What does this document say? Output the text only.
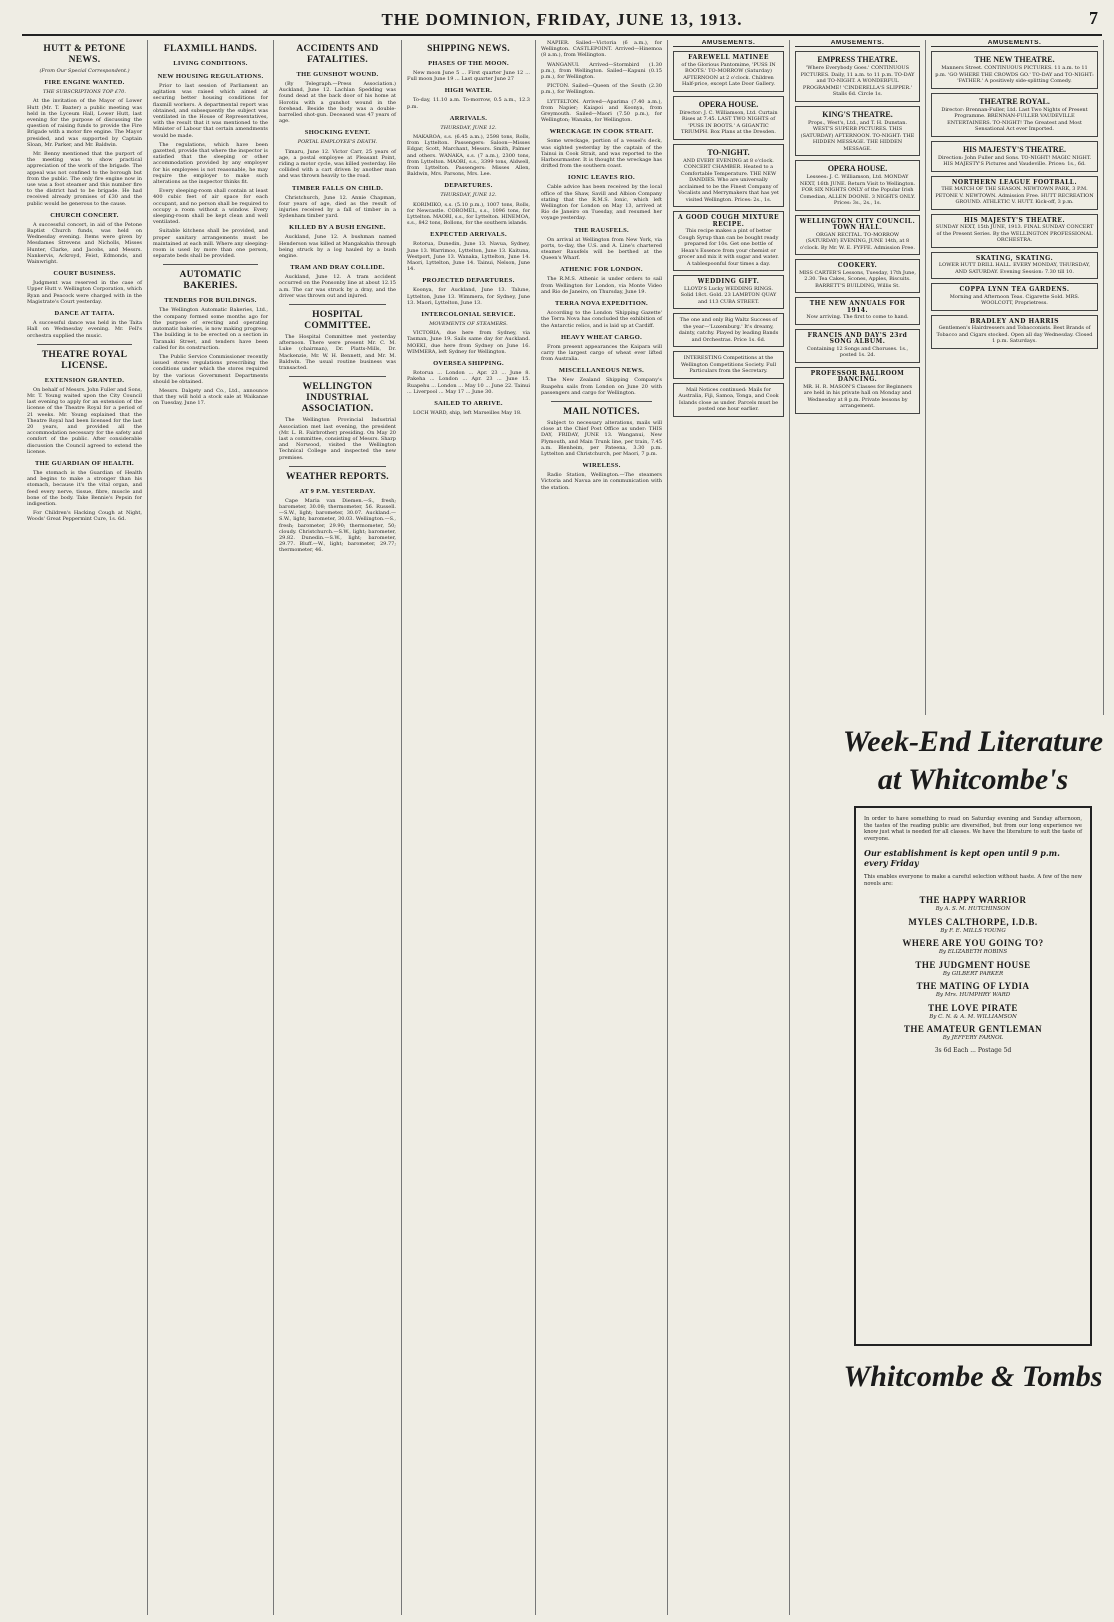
THE DOMINION, FRIDAY, JUNE 13, 1913.	7
HUTT & PETONE NEWS.
(From Our Special Correspondent.)
FIRE ENGINE WANTED.
THE SUBSCRIPTIONS TOP £70.

At the invitation of the Mayor of Lower Hutt (Mr. T. Baxter) a public meeting was held in the Lyceum Hall, Lower Hutt, last evening for the purpose of discussing the question of raising funds to provide the Fire Brigade with a motor fire engine. The Mayor presided, and was supported by Captain Sloan, Mr. Parker, and Mr. Baldwin.

Mr. Benny mentioned that the purport of the meeting was to show practical appreciation of the work of the brigade. The appeal was not confined to the borough but from the public. The only fire engine now in use was a foot steamer and this number fire to the district had to be brigade. He had received already promises of £30 and the public would be generous to the cause.

CHURCH CONCERT.

A successful concert, in aid of the Petone Baptist Church funds, was held on Wednesday evening. Items were given by Mesdames Strevens and Nicholls, Misses Hunter, Clarke, and Jacobs, and Messrs. Nankervis, Ackroyd, Feist, Edmonds, and Wainwright.

COURT BUSINESS.

Judgment was reserved in the case of Upper Hutt v. Wellington Corporation, which Ryan and Peacock were charged with in the Magistrate's Court yesterday.

DANCE AT TAITA.

A successful dance was held in the Taita Hall on Wednesday evening. Mr. Fell's orchestra supplied the music.

THEATRE ROYAL LICENSE.
EXTENSION GRANTED.

On behalf of Messrs. John Fuller and Sons, Mr. T. Young waited upon the City Council last evening to apply for an extension of the license of the Theatre Royal for a period of 21 weeks. Mr. Young explained that the Theatre Royal had been licensed for the last 20 years, and provided all the accommodation necessary for the safety and comfort of the public. After considerable discussion the Council agreed to extend the license.

THE GUARDIAN OF HEALTH.

The stomach is the Guardian of Health and begins to make a stronger than his stomach, because it's the vital organ, and feed every nerve, tissue, fibre, muscle and bone of the body. Take Bennie's Pepsin for indigestion.

For Children's Hacking Cough at Night, Woods' Great Peppermint Cure, 1s. 6d.

FLAXMILL HANDS.
LIVING CONDITIONS.
NEW HOUSING REGULATIONS.

Prior to last session of Parliament an agitation was raised which aimed at securing better housing conditions for flaxmill workers. A departmental report was obtained, and subsequently the subject was ventilated in the House of Representatives, with the result that it was mentioned to the Minister of Labour that certain amendments would be made.

The regulations, which have been gazetted, provide that where the inspector is satisfied that the sleeping or other accommodation provided by any employer for his employees is not reasonable, he may require the employer to make such alterations as the inspector thinks fit.

Every sleeping-room shall contain at least 400 cubic feet of air space for each occupant, and no person shall be required to occupy a room without a window. Every sleeping-room shall be kept clean and well ventilated.

Suitable kitchens shall be provided, and proper sanitary arrangements must be maintained at each mill. Where any sleeping-room is used by more than one person, separate beds shall be provided.

AUTOMATIC BAKERIES.
TENDERS FOR BUILDINGS.

The Wellington Automatic Bakeries, Ltd., the company formed some months ago for the purpose of erecting and operating automatic bakeries, is now making progress. The building is to be erected on a section in Taranaki Street, and tenders have been called for its construction.

The Public Service Commissioner recently issued stores regulations prescribing the conditions under which the stores required by the various Government Departments should be obtained.

Messrs. Dalgety and Co., Ltd., announce that they will hold a stock sale at Waikanae on Tuesday, June 17.

ACCIDENTS AND FATALITIES.
THE GUNSHOT WOUND.

(By Telegraph.—Press Association.) Auckland, June 12. Lachlan Spedding was found dead at the back door of his home at Horotiu with a gunshot wound in the forehead. Beside the body was a double-barrelled shot-gun. Deceased was 47 years of age.

SHOCKING EVENT.
PORTAL EMPLOYEE'S DEATH.

Timaru, June 12. Victor Carr, 25 years of age, a postal employee at Pleasant Point, riding a motor cycle, was killed yesterday. He collided with a cart driven by another man and was thrown heavily to the road.

TIMBER FALLS ON CHILD.

Christchurch, June 12. Annie Chapman, four years of age, died as the result of injuries received by a fall of timber in a Sydenham timber yard.

KILLED BY A BUSH ENGINE.

Auckland, June 12. A bushman named Henderson was killed at Mangakahia through being struck by a log hauled by a bush engine.

TRAM AND DRAY COLLIDE.

Auckland, June 12. A tram accident occurred on the Ponsonby line at about 12.15 a.m. The car was struck by a dray, and the driver was thrown out and injured.

HOSPITAL COMMITTEE.

The Hospital Committee met yesterday afternoon. There were present Mr. C. M. Luke (chairman), Dr. Platts-Mills, Dr. Mackenzie, Mr. W. H. Bennett, and Mr. M. Baldwin. The usual routine business was transacted.

WELLINGTON INDUSTRIAL ASSOCIATION.

The Wellington Provincial Industrial Association met last evening, the president (Mr. L. R. Fairbrother) presiding. On May 20 last a committee, consisting of Messrs. Sharp and Norwood, visited the Wellington Technical College and inspected the new premises.

WEATHER REPORTS.
AT 9 P.M. YESTERDAY.

Cape Maria van Diemen.—S., fresh; barometer, 30.08; thermometer, 56. Russell.—S.W., light; barometer, 30.07. Auckland.—S.W., light; barometer, 30.03. Wellington.—S., fresh; barometer, 29.90; thermometer, 50; cloudy. Christchurch.—S.W., light; barometer, 29.82. Dunedin.—S.W., light; barometer, 29.77. Bluff.—W., light; barometer, 29.77; thermometer, 46.

SHIPPING NEWS.
PHASES OF THE MOON.

New moon June 5 ... First quarter June 12 ... Full moon June 19 ... Last quarter June 27

HIGH WATER.

To-day, 11.10 a.m. To-morrow, 0.5 a.m., 12.3 p.m.

ARRIVALS.
THURSDAY, JUNE 12.

MAKAROA, s.s. (6.45 a.m.), 2598 tons, Rolls, from Lyttelton. Passengers: Saloon—Misses Edgar, Scott, Marchant, Messrs. Smith, Palmer and others. WANAKA, s.s. (7 a.m.), 2300 tons, from Lyttelton. MAORI, s.s., 3399 tons, Aldwell, from Lyttelton. Passengers: Misses Allen, Baldwin, Mrs. Parsons, Mrs. Lee.

DEPARTURES.
THURSDAY, JUNE 12.

KORIMIKO, s.s. (5.10 p.m.), 1007 tons, Rolls, for Newcastle. COROMEL, s.s., 1096 tons, for Lyttelton. MAORI, s.s., for Lyttelton. HINEMOA, s.s., 842 tons, Bollons, for the southern islands.

EXPECTED ARRIVALS.

Rotorua, Dunedin, June 13. Navua, Sydney, June 13. Warrimoo, Lyttelton, June 13. Kaituna, Westport, June 13. Wanaka, Lyttelton, June 14. Maori, Lyttelton, June 14. Tainui, Nelson, June 14.

PROJECTED DEPARTURES.

Koonya, for Auckland, June 13. Talune, Lyttelton, June 13. Wimmera, for Sydney, June 13. Maori, Lyttelton, June 13.

INTERCOLONIAL SERVICE.
MOVEMENTS OF STEAMERS.

VICTORIA, due here from Sydney, via Tasman, June 19. Sails same day for Auckland. MOEKI, due here from Sydney on June 16. WIMMERA, left Sydney for Wellington.

OVERSEA SHIPPING.

Rotorua ... London ... Apr. 23 ... June 8. Pakeha ... London ... Apr. 23 ... June 15. Ruapehu ... London ... May 10 ... June 22. Tainui ... Liverpool ... May 17 ... June 30.

SAILED TO ARRIVE.

LOCH WARD, ship, left Marseilles May 18.

NAPIER. Sailed—Victoria (6 a.m.), for Wellington. CASTLEPOINT. Arrived—Hinemoa (8 a.m.), from Wellington.

WANGANUI. Arrived—Stormbird (1.30 p.m.), from Wellington. Sailed—Kapuni (0.15 p.m.), for Wellington.

PICTON. Sailed—Queen of the South (2.30 p.m.), for Wellington.

LYTTELTON. Arrived—Aparima (7.40 a.m.), from Napier; Kaiapoi and Koonya, from Greymouth. Sailed—Maori (7.50 p.m.), for Wellington; Wanaka, for Wellington.

WRECKAGE IN COOK STRAIT.

Some wreckage, portion of a vessel's deck, was sighted yesterday by the captain of the Tainui in Cook Strait, and was reported to the Harbourmaster. It is thought the wreckage has drifted from the southern coast.

IONIC LEAVES RIO.

Cable advice has been received by the local office of the Shaw, Savill and Albion Company stating that the R.M.S. Ionic, which left Wellington for London on May 13, arrived at Rio de Janeiro on Tuesday, and resumed her voyage yesterday.

THE RAUSFELS.

On arrival at Wellington from New York, via ports, to-day, the U.S. and A. Line's chartered steamer Rausfels will be berthed at the Queen's Wharf.

ATHENIC FOR LONDON.

The R.M.S. Athenic is under orders to sail from Wellington for London, via Monte Video and Rio de Janeiro, on Thursday, June 19.

TERRA NOVA EXPEDITION.

According to the London 'Shipping Gazette' the Terra Nova has concluded the exhibition of the Antarctic relics, and is laid up at Cardiff.

HEAVY WHEAT CARGO.

From present appearances the Kaipara will carry the largest cargo of wheat ever lifted from Australia.

MISCELLANEOUS NEWS.

The New Zealand Shipping Company's Ruapehu sails from London on June 20 with passengers and cargo for Wellington.

MAIL NOTICES.

Subject to necessary alterations, mails will close at the Chief Post Office as under: THIS DAY, FRIDAY, JUNE 13. Wanganui, New Plymouth, and Main Trunk line, per train, 7.45 a.m. Blenheim, per Pateena, 3.30 p.m. Lyttelton and Christchurch, per Maori, 7 p.m.

WIRELESS.

Radio Station, Wellington.—The steamers Victoria and Navua are in communication with the station.

AMUSEMENTS.
FAREWELL MATINEE
of the Glorious Pantomime, 'PUSS IN BOOTS.' TO-MORROW (Saturday) AFTERNOON at 2 o'clock. Children Half-price, except Late Door Gallery.
OPERA HOUSE.
Director: J. C. Williamson, Ltd. Curtain Rises at 7.45. LAST TWO NIGHTS of 'PUSS IN BOOTS.' A GIGANTIC TRIUMPH. Box Plans at the Dresden.
TO-NIGHT.
AND EVERY EVENING at 8 o'clock. CONCERT CHAMBER. Heated to a Comfortable Temperature. THE NEW DANDIES. Who are universally acclaimed to be the Finest Company of Vocalists and Merrymakers that has yet visited Wellington. Prices: 2s., 1s.
A GOOD COUGH MIXTURE RECIPE.
This recipe makes a pint of better Cough Syrup than can be bought ready prepared for 10s. Get one bottle of Hean's Essence from your chemist or grocer and mix it with sugar and water. A tablespoonful four times a day.
WEDDING GIFT.
LLOYD'S Lucky WEDDING RINGS. Solid 18ct. Gold. 23 LAMBTON QUAY and 113 CUBA STREET.
The one and only Big Waltz Success of the year—'Luxemburg.' It's dreamy, dainty, catchy. Played by leading Bands and Orchestras. Price 1s. 6d.
INTERESTING Competitions at the Wellington Competitions Society. Full Particulars from the Secretary.
Mail Notices continued: Mails for Australia, Fiji, Samoa, Tonga, and Cook Islands close as under. Parcels must be posted one hour earlier.
AMUSEMENTS.
EMPRESS THEATRE.
'Where Everybody Goes.' CONTINUOUS PICTURES. Daily, 11 a.m. to 11 p.m. TO-DAY and TO-NIGHT. A WONDERFUL PROGRAMME! 'CINDERELLA'S SLIPPER.' Stalls 6d. Circle 1s.
KING'S THEATRE.
Props., West's, Ltd., and T. H. Dunstan. WEST'S SUPERB PICTURES. THIS (SATURDAY) AFTERNOON. TO-NIGHT: THE HIDDEN MESSAGE. THE HIDDEN MESSAGE.
OPERA HOUSE.
Lessees: J. C. Williamson, Ltd. MONDAY NEXT, 16th JUNE. Return Visit to Wellington. FOR SIX NIGHTS ONLY of the Popular Irish Comedian, ALLEN DOONE. 3 NIGHTS ONLY. Prices: 3s., 2s., 1s.
WELLINGTON CITY COUNCIL. TOWN HALL.
ORGAN RECITAL. TO-MORROW (SATURDAY) EVENING, JUNE 14th, at 8 o'clock. By Mr. W. E. FYFFE. Admission Free.
COOKERY.
MISS CARTER'S Lessons, Tuesday, 17th June, 2.30. Tea Cakes, Scones, Apples, Biscuits. BARRETT'S BUILDING, Willis St.
THE NEW ANNUALS FOR 1914.
Now arriving. The first to come to hand.
FRANCIS AND DAY'S 23rd SONG ALBUM.
Containing 12 Songs and Choruses. 1s., posted 1s. 2d.
PROFESSOR BALLROOM DANCING.
MR. H. R. MASON'S Classes for Beginners are held in his private hall on Monday and Wednesday at 8 p.m. Private lessons by arrangement.
AMUSEMENTS.
THE NEW THEATRE.
Manners Street. CONTINUOUS PICTURES. 11 a.m. to 11 p.m. 'GO WHERE THE CROWDS GO.' TO-DAY and TO-NIGHT: 'FATHER.' A positively side-splitting Comedy.
THEATRE ROYAL.
Director: Brennan-Fuller, Ltd. Last Two Nights of Present Programme. BRENNAN-FULLER VAUDEVILLE ENTERTAINERS. TO-NIGHT! The Greatest and Most Sensational Act ever Imported.
HIS MAJESTY'S THEATRE.
Direction: John Fuller and Sons. TO-NIGHT! MAGIC NIGHT. HIS MAJESTY'S Pictures and Vaudeville. Prices: 1s., 6d.
NORTHERN LEAGUE FOOTBALL.
THE MATCH OF THE SEASON. NEWTOWN PARK, 3 P.M. PETONE V. NEWTOWN. Admission Free. HUTT RECREATION GROUND. ATHLETIC V. HUTT. Kick-off, 3 p.m.
HIS MAJESTY'S THEATRE.
SUNDAY NEXT, 15th JUNE, 1913. FINAL SUNDAY CONCERT of the Present Series. By the WELLINGTON PROFESSIONAL ORCHESTRA.
SKATING, SKATING.
LOWER HUTT DRILL HALL. EVERY MONDAY, THURSDAY, AND SATURDAY. Evening Session: 7.30 till 10.
COPPA LYNN TEA GARDENS.
Morning and Afternoon Teas. Cigarette Sold. MRS. WOOLCOTT, Proprietress.
BRADLEY AND HARRIS
Gentlemen's Hairdressers and Tobacconists. Best Brands of Tobacco and Cigars stocked. Open all day Wednesday. Closed 1 p.m. Saturdays.
Week-End Literature
at Whitcombe's
In order to have something to read on Saturday evening and Sunday afternoon, the tastes of the reading public are diversified, but from our long experience we know just what is needed for all classes. We have the literature to suit the taste of everyone.
Our establishment is kept open until 9 p.m. every Friday
This enables everyone to make a careful selection without haste. A few of the new novels are:
THE HAPPY WARRIOR
By A. S. M. HUTCHINSON
MYLES CALTHORPE, I.D.B.
By F. E. MILLS YOUNG
WHERE ARE YOU GOING TO?
By ELIZABETH ROBINS
THE JUDGMENT HOUSE
By GILBERT PARKER
THE MATING OF LYDIA
By Mrs. HUMPHRY WARD
THE LOVE PIRATE
By C. N. & A. M. WILLIAMSON
THE AMATEUR GENTLEMAN
By JEFFERY FARNOL
3s 6d Each ... Postage 5d
Whitcombe & Tombs
